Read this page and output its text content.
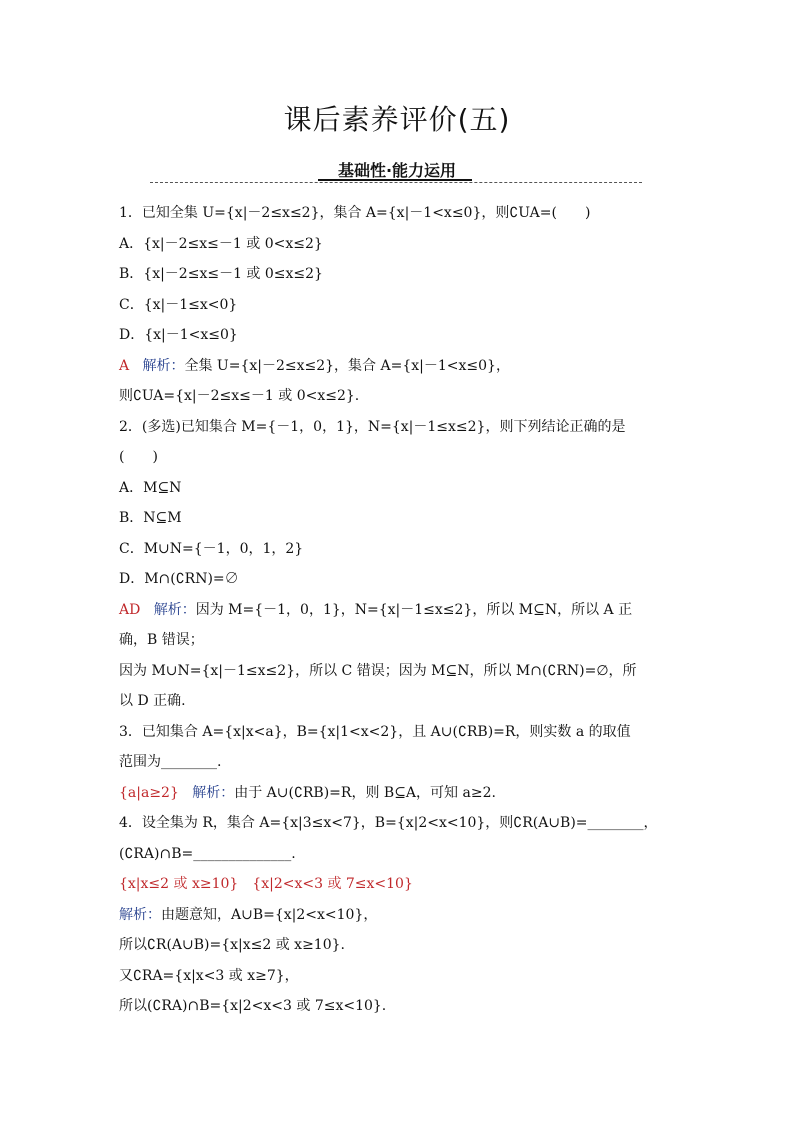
课后素养评价(五)
基础性·能力运用
1．已知全集 U={x|－2≤x≤2}，集合 A={x|－1<x≤0}，则∁UA=(　　)
A．{x|－2≤x≤－1 或 0<x≤2}
B．{x|－2≤x≤－1 或 0≤x≤2}
C．{x|－1≤x<0}
D．{x|－1<x≤0}
A 解析：全集 U={x|－2≤x≤2}，集合 A={x|－1<x≤0}，
则∁UA={x|－2≤x≤－1 或 0<x≤2}.
2．(多选)已知集合 M={－1，0，1}，N={x|－1≤x≤2}，则下列结论正确的是
(　　)
A．M⊆N
B．N⊆M
C．M∪N={－1，0，1，2}
D．M∩(∁RN)=∅
AD 解析：因为 M={－1，0，1}，N={x|－1≤x≤2}，所以 M⊆N，所以 A 正
确，B 错误；
因为 M∪N={x|－1≤x≤2}，所以 C 错误；因为 M⊆N，所以 M∩(∁RN)=∅，所
以 D 正确.
3．已知集合 A={x|x<a}，B={x|1<x<2}，且 A∪(∁RB)=R，则实数 a 的取值
范围为________.
{a|a≥2} 解析：由于 A∪(∁RB)=R，则 B⊆A，可知 a≥2.
4．设全集为 R，集合 A={x|3≤x<7}，B={x|2<x<10}，则∁R(A∪B)=________，
(∁RA)∩B=______________.
{x|x≤2 或 x≥10}　{x|2<x<3 或 7≤x<10}
解析：由题意知，A∪B={x|2<x<10}，
所以∁R(A∪B)={x|x≤2 或 x≥10}.
又∁RA={x|x<3 或 x≥7}，
所以(∁RA)∩B={x|2<x<3 或 7≤x<10}.
